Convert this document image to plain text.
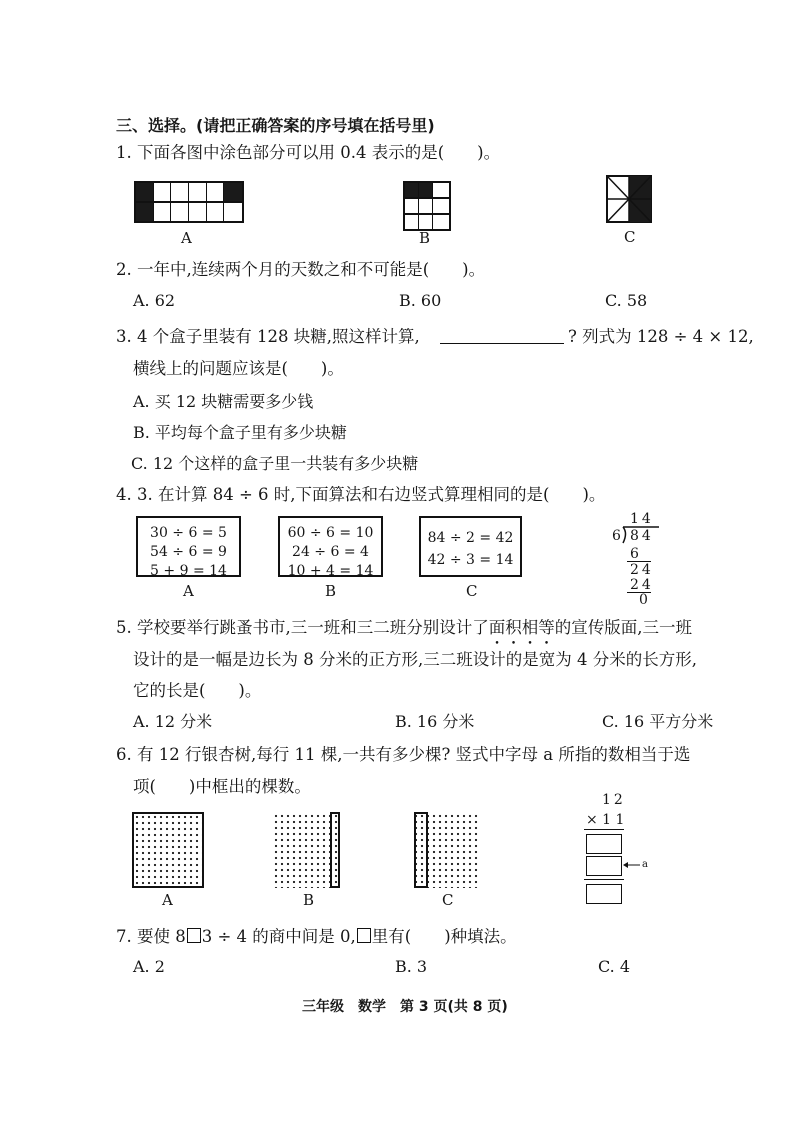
三、选择。(请把正确答案的序号填在括号里)
1. 下面各图中涂色部分可以用 0.4 表示的是(　　)。
A	B	C
2. 一年中,连续两个月的天数之和不可能是(　　)。
A. 62	B. 60	C. 58
3. 4 个盒子里装有 128 块糖,照这样计算,	? 列式为 128 ÷ 4 × 12,
横线上的问题应该是(　　)。
A. 买 12 块糖需要多少钱
B. 平均每个盒子里有多少块糖
C. 12 个这样的盒子里一共装有多少块糖
4. 3. 在计算 84 ÷ 6 时,下面算法和右边竖式算理相同的是(　　)。
30 ÷ 6 = 5
54 ÷ 6 = 9
5 + 9 = 14
A
60 ÷ 6 = 10
24 ÷ 6 = 4
10 + 4 = 14
B
84 ÷ 2 = 42
42 ÷ 3 = 14
C
14
6 84
6
24
24
0
5. 学校要举行跳蚤书市,三一班和三二班分别设计了面积相等的宣传版面,三一班
设计的是一幅是边长为 8 分米的正方形,三二班设计的是宽为 4 分米的长方形,
它的长是(　　)。
A. 12 分米	B. 16 分米	C. 16 平方分米
6. 有 12 行银杏树,每行 11 棵,一共有多少棵? 竖式中字母 a 所指的数相当于选
项(　　)中框出的棵数。
A	B	C
12
× 1 1
a
7. 要使 8 3 ÷ 4 的商中间是 0, 里有(　　)种填法。
A. 2	B. 3	C. 4
三年级　数学　第 3 页(共 8 页)
